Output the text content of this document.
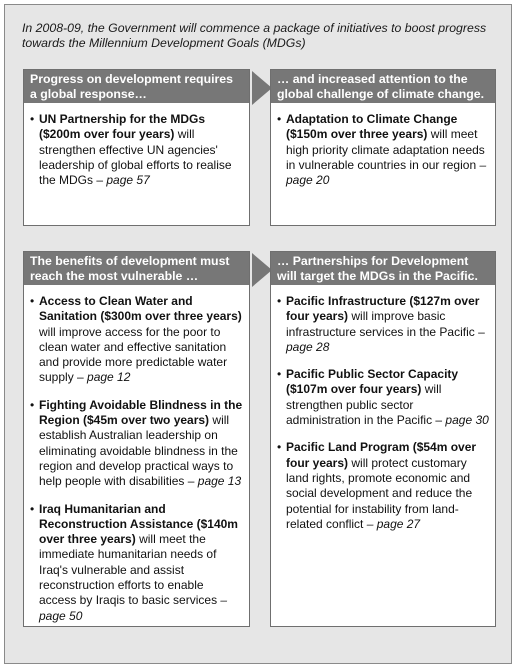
In 2008-09, the Government will commence a package of initiatives to boost progress towards the Millennium Development Goals (MDGs)
Progress on development requires a global response…
• UN Partnership for the MDGs ($200m over four years) will strengthen effective UN agencies' leadership of global efforts to realise the MDGs – page 57
… and increased attention to the global challenge of climate change.
• Adaptation to Climate Change ($150m over three years) will meet high priority climate adaptation needs in vulnerable countries in our region – page 20
The benefits of development must reach the most vulnerable …
• Access to Clean Water and Sanitation ($300m over three years) will improve access for the poor to clean water and effective sanitation and provide more predictable water supply – page 12
• Fighting Avoidable Blindness in the Region ($45m over two years) will establish Australian leadership on eliminating avoidable blindness in the region and develop practical ways to help people with disabilities – page 13
• Iraq Humanitarian and Reconstruction Assistance ($140m over three years) will meet the immediate humanitarian needs of Iraq's vulnerable and assist reconstruction efforts to enable access by Iraqis to basic services – page 50
… Partnerships for Development will target the MDGs in the Pacific.
• Pacific Infrastructure ($127m over four years) will improve basic infrastructure services in the Pacific – page 28
• Pacific Public Sector Capacity ($107m over four years) will strengthen public sector administration in the Pacific – page 30
• Pacific Land Program ($54m over four years) will protect customary land rights, promote economic and social development and reduce the potential for instability from land-related conflict – page 27
